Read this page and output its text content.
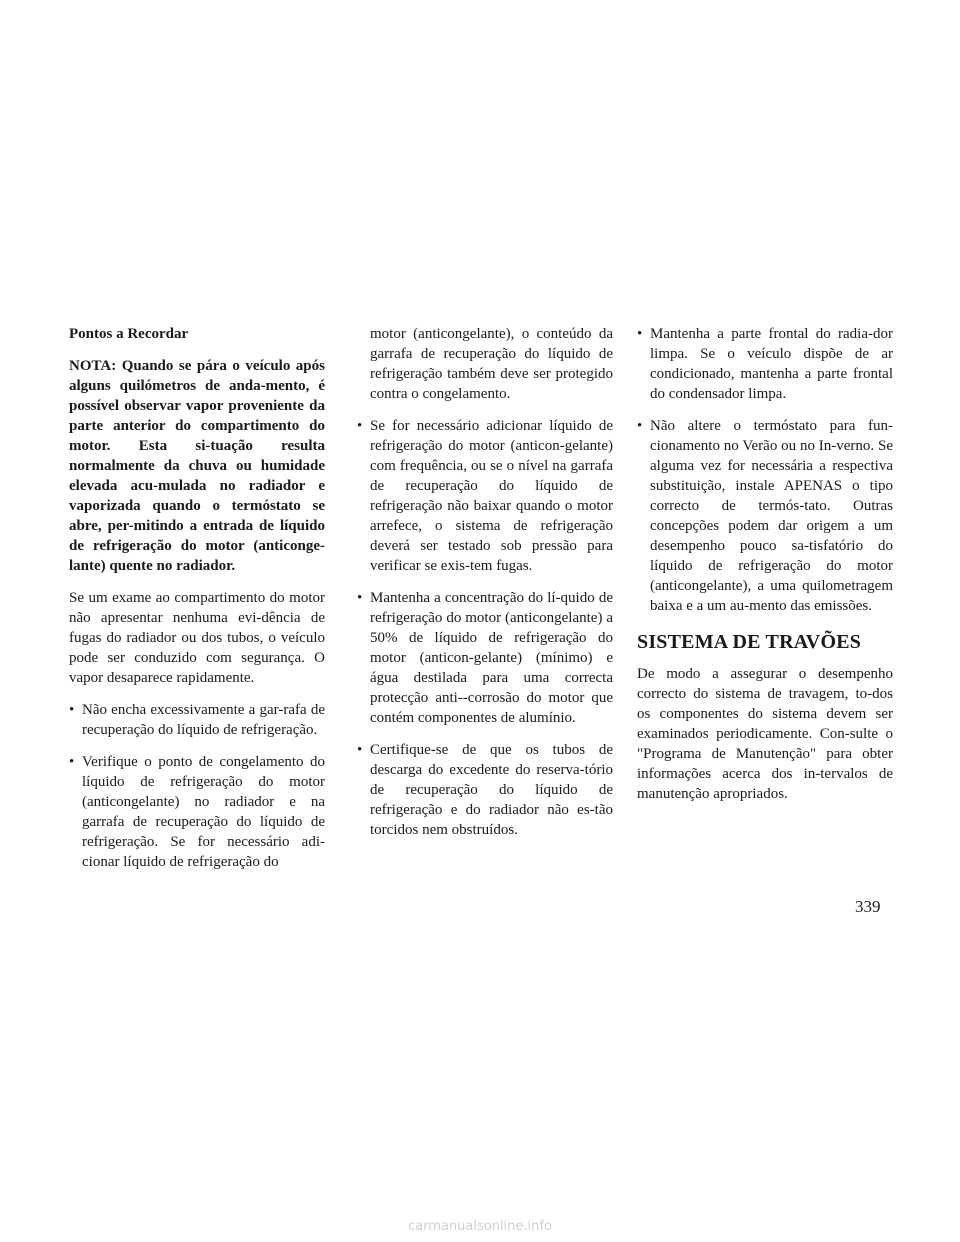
Pontos a Recordar

NOTA: Quando se pára o veículo após alguns quilómetros de anda-mento, é possível observar vapor proveniente da parte anterior do compartimento do motor. Esta si-tuação resulta normalmente da chuva ou humidade elevada acu-mulada no radiador e vaporizada quando o termóstato se abre, per-mitindo a entrada de líquido de refrigeração do motor (anticonge-lante) quente no radiador.

Se um exame ao compartimento do motor não apresentar nenhuma evi-dência de fugas do radiador ou dos tubos, o veículo pode ser conduzido com segurança. O vapor desaparece rapidamente.

• Não encha excessivamente a gar-rafa de recuperação do líquido de refrigeração.
• Verifique o ponto de congelamento do líquido de refrigeração do motor (anticongelante) no radiador e na garrafa de recuperação do líquido de refrigeração. Se for necessário adi-cionar líquido de refrigeração do

motor (anticongelante), o conteúdo da garrafa de recuperação do líquido de refrigeração também deve ser protegido contra o congelamento.

• Se for necessário adicionar líquido de refrigeração do motor (anticon-gelante) com frequência, ou se o nível na garrafa de recuperação do líquido de refrigeração não baixar quando o motor arrefece, o sistema de refrigeração deverá ser testado sob pressão para verificar se exis-tem fugas.
• Mantenha a concentração do lí-quido de refrigeração do motor (anticongelante) a 50% de líquido de refrigeração do motor (anticon-gelante) (mínimo) e água destilada para uma correcta protecção anti--corrosão do motor que contém componentes de alumínio.
• Certifique-se de que os tubos de descarga do excedente do reserva-tório de recuperação do líquido de refrigeração e do radiador não es-tão torcidos nem obstruídos.
• Mantenha a parte frontal do radia-dor limpa. Se o veículo dispõe de ar condicionado, mantenha a parte frontal do condensador limpa.
• Não altere o termóstato para fun-cionamento no Verão ou no In-verno. Se alguma vez for necessária a respectiva substituição, instale APENAS o tipo correcto de termós-tato. Outras concepções podem dar origem a um desempenho pouco sa-tisfatório do líquido de refrigeração do motor (anticongelante), a uma quilometragem baixa e a um au-mento das emissões.
SISTEMA DE TRAVÕES

De modo a assegurar o desempenho correcto do sistema de travagem, to-dos os componentes do sistema devem ser examinados periodicamente. Con-sulte o "Programa de Manutenção" para obter informações acerca dos in-tervalos de manutenção apropriados.

339
carmanualsonline.info
